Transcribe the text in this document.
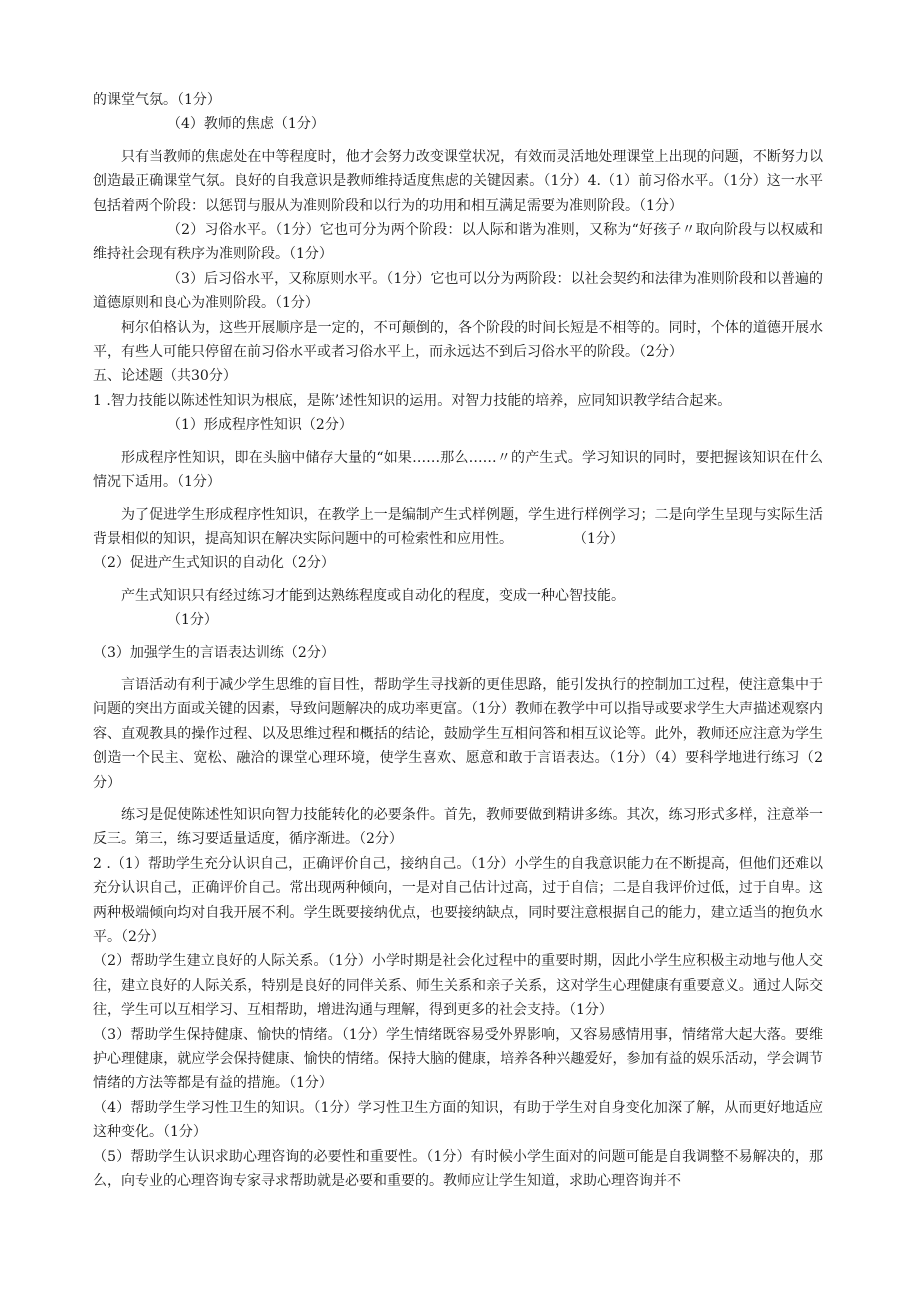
的课堂气氛。（1分）

（4）教师的焦虑（1分）

只有当教师的焦虑处在中等程度时，他才会努力改变课堂状况，有效而灵活地处理课堂上出现的问题，不断努力以创造最正确课堂气氛。良好的自我意识是教师维持适度焦虑的关键因素。（1分）4.（1）前习俗水平。（1分）这一水平包括着两个阶段：以惩罚与服从为准则阶段和以行为的功用和相互满足需要为准则阶段。（1分）

（2）习俗水平。（1分）它也可分为两个阶段：以人际和谐为准则，又称为“好孩子〃取向阶段与以权威和维持社会现有秩序为准则阶段。（1分）

（3）后习俗水平，又称原则水平。（1分）它也可以分为两阶段：以社会契约和法律为准则阶段和以普遍的道德原则和良心为准则阶段。（1分）

柯尔伯格认为，这些开展顺序是一定的，不可颠倒的，各个阶段的时间长短是不相等的。同时，个体的道德开展水平，有些人可能只停留在前习俗水平或者习俗水平上，而永远达不到后习俗水平的阶段。（2分）

五、论述题（共30分）

1 .智力技能以陈述性知识为根底，是陈’述性知识的运用。对智力技能的培养，应同知识教学结合起来。

（1）形成程序性知识（2分）

形成程序性知识，即在头脑中储存大量的“如果……那么……〃的产生式。学习知识的同时，要把握该知识在什么情况下适用。（1分）

为了促进学生形成程序性知识，在教学上一是编制产生式样例题，学生进行样例学习；二是向学生呈现与实际生活背景相似的知识，提高知识在解决实际问题中的可检索性和应用性。	（1分）

（2）促进产生式知识的自动化（2分）

产生式知识只有经过练习才能到达熟练程度或自动化的程度，变成一种心智技能。

（1分）

（3）加强学生的言语表达训练（2分）

言语活动有利于减少学生思维的盲目性，帮助学生寻找新的更佳思路，能引发执行的控制加工过程，使注意集中于问题的突出方面或关键的因素，导致问题解决的成功率更富。（1分）教师在教学中可以指导或要求学生大声描述观察内容、直观教具的操作过程、以及思维过程和概括的结论，鼓励学生互相问答和相互议论等。此外，教师还应注意为学生创造一个民主、宽松、融洽的课堂心理环境，使学生喜欢、愿意和敢于言语表达。（1分）（4）要科学地进行练习（2分）

练习是促使陈述性知识向智力技能转化的必要条件。首先，教师要做到精讲多练。其次，练习形式多样，注意举一反三。第三，练习要适量适度，循序渐进。（2分）

2 .（1）帮助学生充分认识自己，正确评价自己，接纳自己。（1分）小学生的自我意识能力在不断提高，但他们还难以充分认识自己，正确评价自己。常出现两种倾向，一是对自己估计过高，过于自信；二是自我评价过低，过于自卑。这两种极端倾向均对自我开展不利。学生既要接纳优点，也要接纳缺点，同时要注意根据自己的能力，建立适当的抱负水平。（2分）

（2）帮助学生建立良好的人际关系。（1分）小学时期是社会化过程中的重要时期，因此小学生应积极主动地与他人交往，建立良好的人际关系，特别是良好的同伴关系、师生关系和亲子关系，这对学生心理健康有重要意义。通过人际交往，学生可以互相学习、互相帮助，增进沟通与理解，得到更多的社会支持。（1分）

（3）帮助学生保持健康、愉快的情绪。（1分）学生情绪既容易受外界影响，又容易感情用事，情绪常大起大落。要维护心理健康，就应学会保持健康、愉快的情绪。保持大脑的健康，培养各种兴趣爱好，参加有益的娱乐活动，学会调节情绪的方法等都是有益的措施。（1分）

（4）帮助学生学习性卫生的知识。（1分）学习性卫生方面的知识，有助于学生对自身变化加深了解，从而更好地适应这种变化。（1分）

（5）帮助学生认识求助心理咨询的必要性和重要性。（1分）有时候小学生面对的问题可能是自我调整不易解决的，那么，向专业的心理咨询专家寻求帮助就是必要和重要的。教师应让学生知道，求助心理咨询并不
